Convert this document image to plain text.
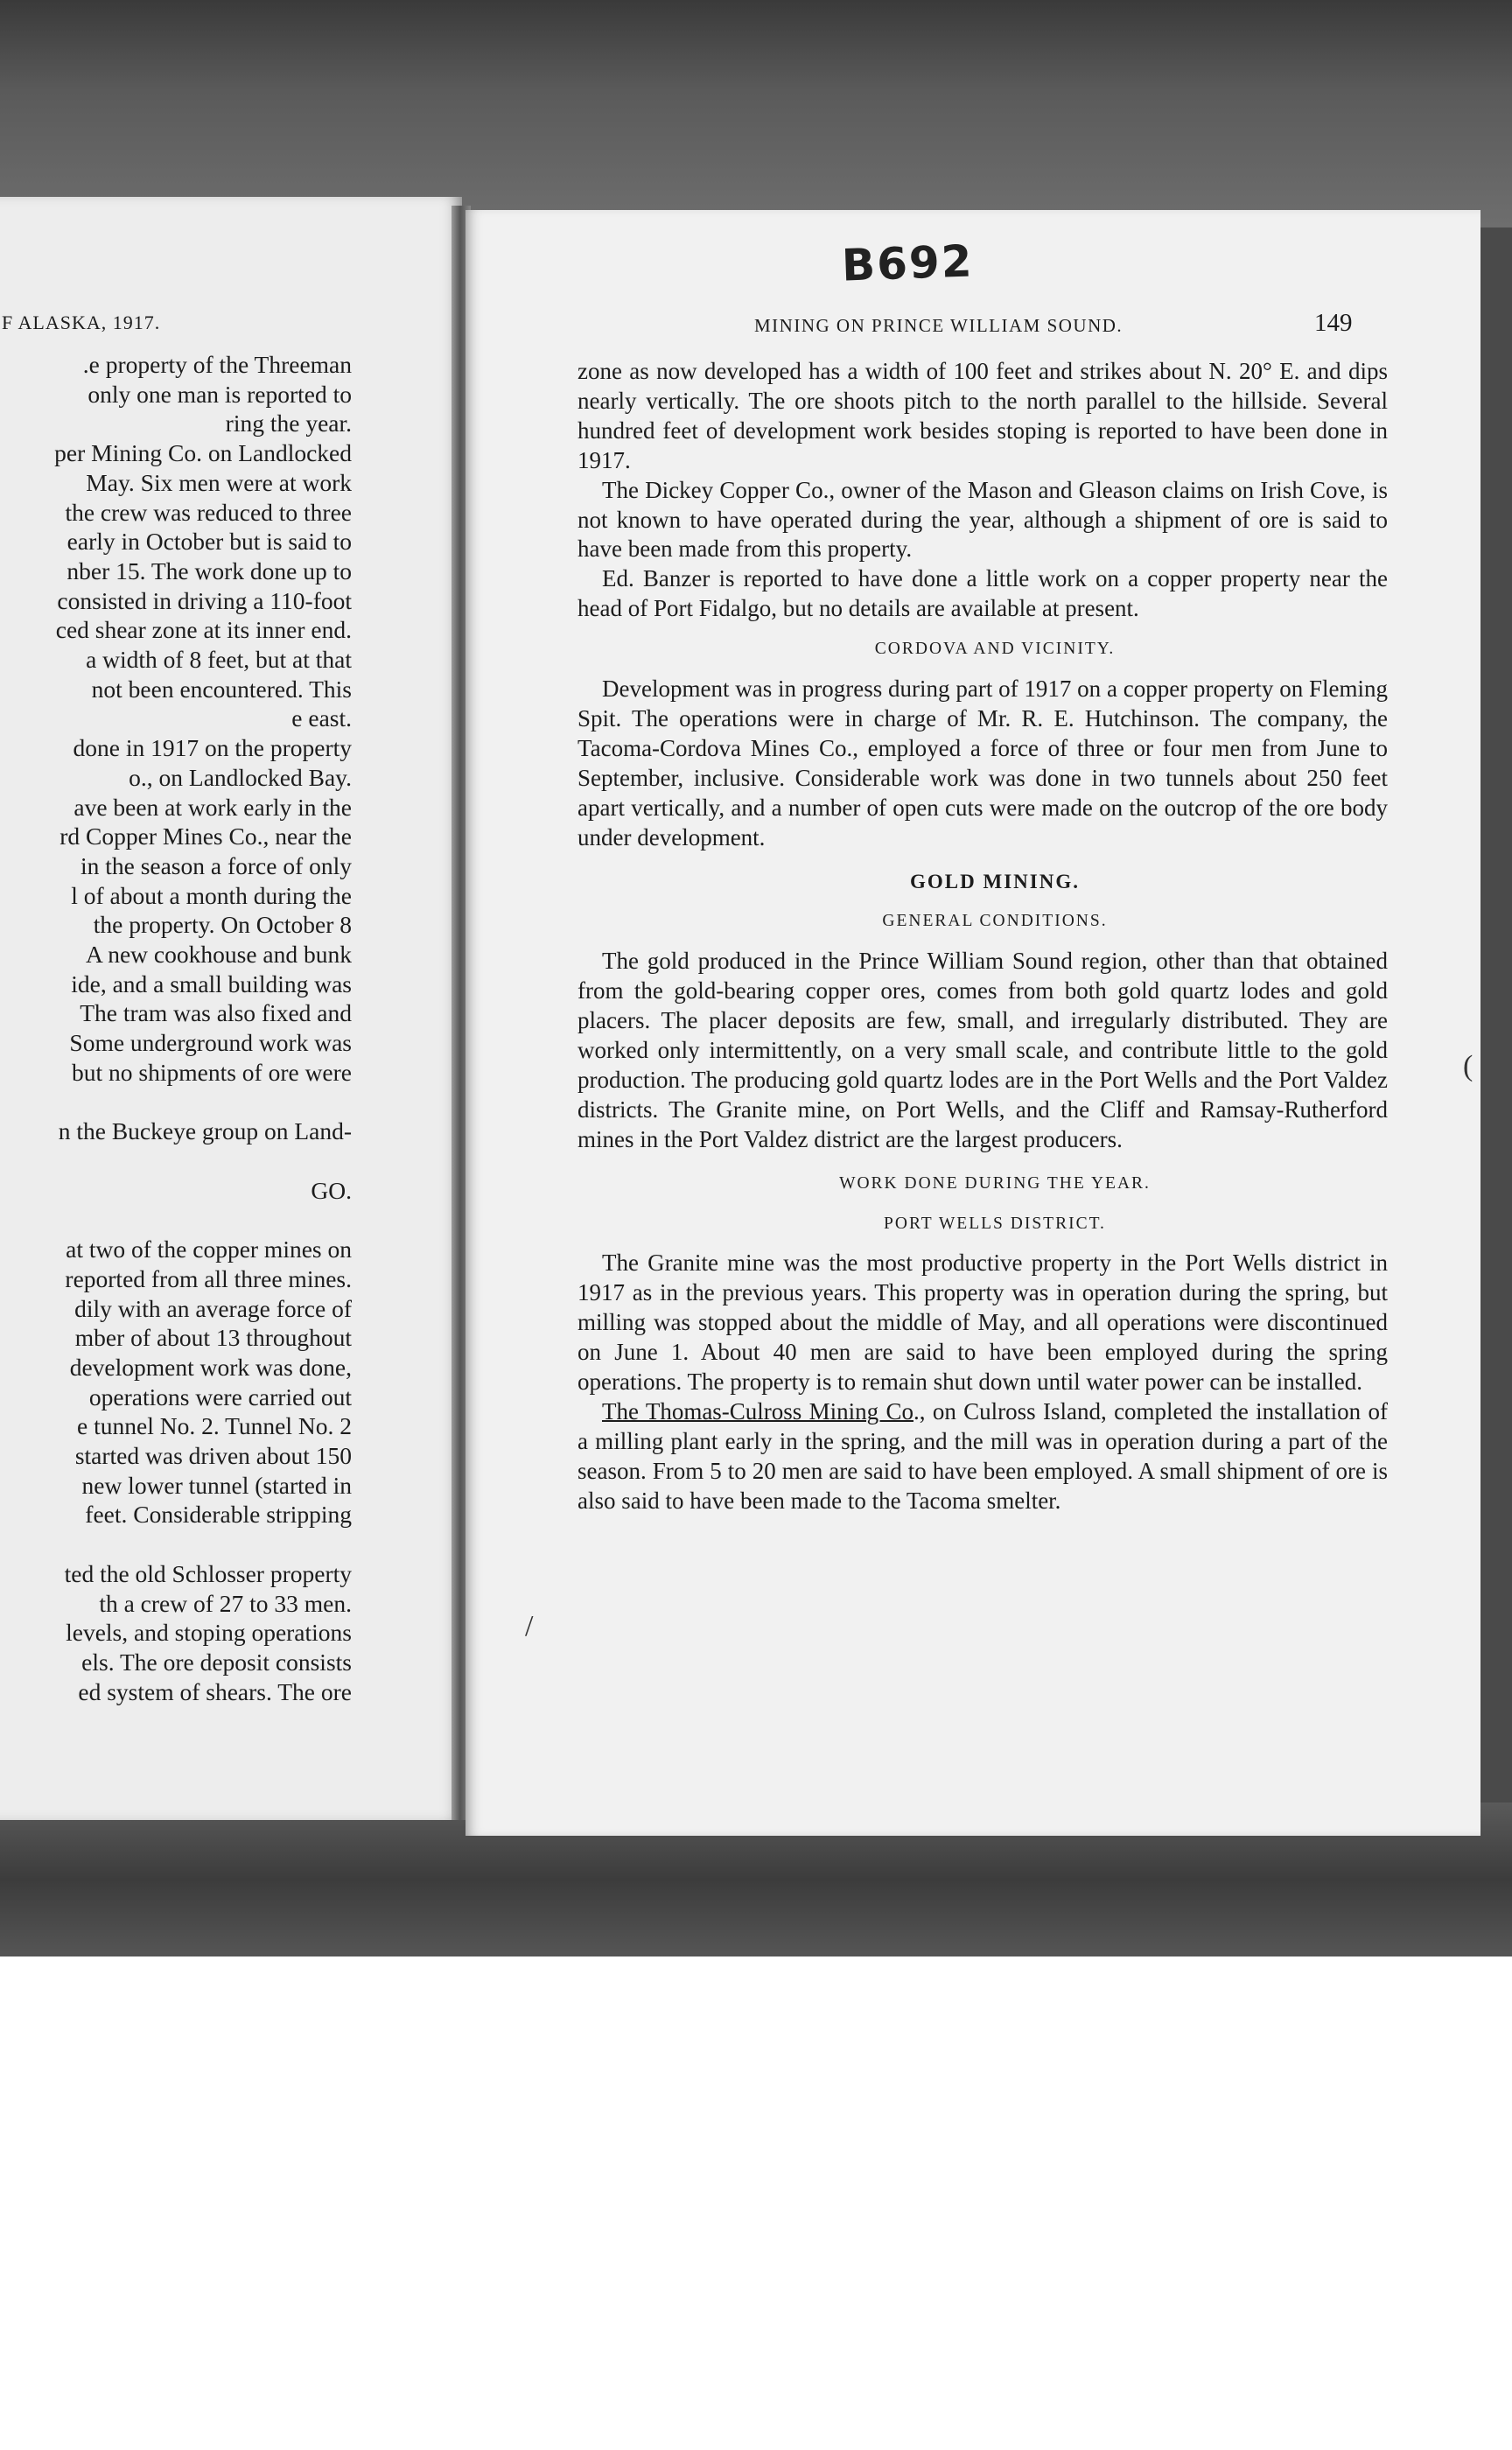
F ALASKA, 1917.
.e property of the Threeman
only one man is reported to
ring the year.
per Mining Co. on Landlocked
May. Six men were at work
the crew was reduced to three
early in October but is said to
nber 15. The work done up to
consisted in driving a 110-foot
ced shear zone at its inner end.
a width of 8 feet, but at that
not been encountered. This
e east.
done in 1917 on the property
o., on Landlocked Bay.
ave been at work early in the
rd Copper Mines Co., near the
in the season a force of only
l of about a month during the
the property. On October 8
A new cookhouse and bunk
ide, and a small building was
The tram was also fixed and
Some underground work was
but no shipments of ore were

n the Buckeye group on Land-

GO.

at two of the copper mines on
reported from all three mines.
dily with an average force of
mber of about 13 throughout
development work was done,
operations were carried out
e tunnel No. 2. Tunnel No. 2
started was driven about 150
new lower tunnel (started in
feet. Considerable stripping

ted the old Schlosser property
th a crew of 27 to 33 men.
levels, and stoping operations
els. The ore deposit consists
ed system of shears. The ore
B692
MINING ON PRINCE WILLIAM SOUND.	149

zone as now developed has a width of 100 feet and strikes about N. 20° E. and dips nearly vertically. The ore shoots pitch to the north parallel to the hillside. Several hundred feet of development work besides stoping is reported to have been done in 1917.

The Dickey Copper Co., owner of the Mason and Gleason claims on Irish Cove, is not known to have operated during the year, although a shipment of ore is said to have been made from this property.

Ed. Banzer is reported to have done a little work on a copper property near the head of Port Fidalgo, but no details are available at present.

CORDOVA AND VICINITY.

Development was in progress during part of 1917 on a copper property on Fleming Spit. The operations were in charge of Mr. R. E. Hutchinson. The company, the Tacoma-Cordova Mines Co., employed a force of three or four men from June to September, inclusive. Considerable work was done in two tunnels about 250 feet apart vertically, and a number of open cuts were made on the outcrop of the ore body under development.

GOLD MINING.

GENERAL CONDITIONS.

The gold produced in the Prince William Sound region, other than that obtained from the gold-bearing copper ores, comes from both gold quartz lodes and gold placers. The placer deposits are few, small, and irregularly distributed. They are worked only intermittently, on a very small scale, and contribute little to the gold production. The producing gold quartz lodes are in the Port Wells and the Port Valdez districts. The Granite mine, on Port Wells, and the Cliff and Ramsay-Rutherford mines in the Port Valdez district are the largest producers.

WORK DONE DURING THE YEAR.

PORT WELLS DISTRICT.

The Granite mine was the most productive property in the Port Wells district in 1917 as in the previous years. This property was in operation during the spring, but milling was stopped about the middle of May, and all operations were discontinued on June 1. About 40 men are said to have been employed during the spring operations. The property is to remain shut down until water power can be installed.

The Thomas-Culross Mining Co., on Culross Island, completed the installation of a milling plant early in the spring, and the mill was in operation during a part of the season. From 5 to 20 men are said to have been employed. A small shipment of ore is also said to have been made to the Tacoma smelter.

(
/
